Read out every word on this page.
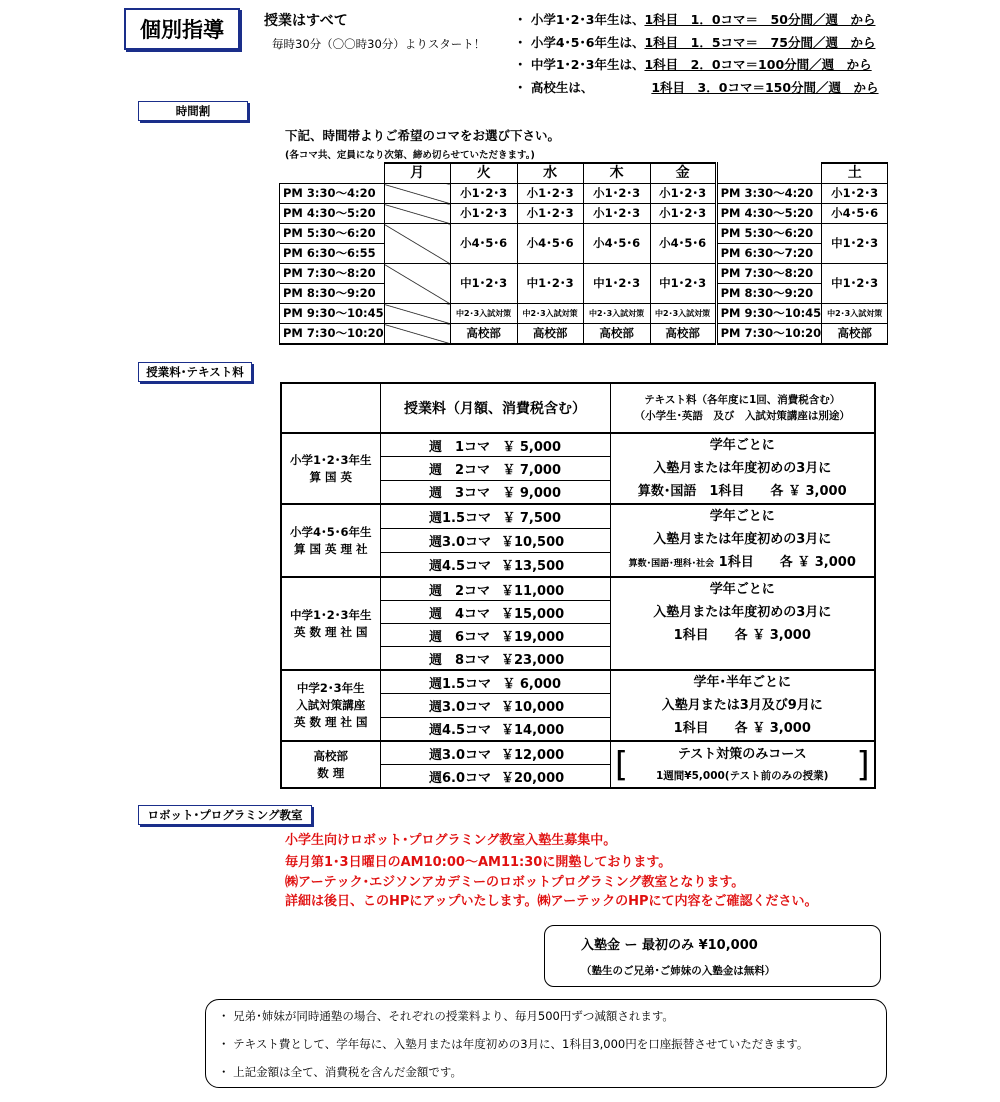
個別指導	授業はすべて
毎時30分（〇〇時30分）よりスタート！
・ 小学1･2･3年生は、1科目　1．0コマ＝　50分間／週　から
・ 小学4･5･6年生は、1科目　1．5コマ＝　75分間／週　から
・ 中学1･2･3年生は、1科目　2．0コマ＝100分間／週　から
・ 高校生は、	1科目　3．0コマ＝150分間／週　から
時間割
下記、時間帯よりご希望のコマをお選び下さい。
(各コマ共、定員になり次第、締め切らせていただきます。)
	月	火	水	木	金		土
PM 3:30～4:20		小1･2･3	小1･2･3	小1･2･3	小1･2･3	PM 3:30～4:20	小1･2･3
PM 4:30～5:20		小1･2･3	小1･2･3	小1･2･3	小1･2･3	PM 4:30～5:20	小4･5･6
PM 5:30～6:20		小4･5･6	小4･5･6	小4･5･6	小4･5･6	PM 5:30～6:20	中1･2･3
PM 6:30～6:55						PM 6:30～7:20	
PM 7:30～8:20		中1･2･3	中1･2･3	中1･2･3	中1･2･3	PM 7:30～8:20	中1･2･3
PM 8:30～9:20						PM 8:30～9:20	
PM 9:30～10:45		中2･3入試対策	中2･3入試対策	中2･3入試対策	中2･3入試対策	PM 9:30～10:45	中2･3入試対策
PM 7:30～10:20		高校部	高校部	高校部	高校部	PM 7:30～10:20	高校部
授業料･テキスト料
	授業料（月額、消費税含む）	
テキスト料（各年度に1回、消費税含む）
（小学生･英語　及び　入試対策講座は別途）

小学1･2･3年生
算 国 英
	週　1コマ ￥ 5,000	学年ごとに
入塾月または年度初めの3月に
算数･国語　1科目　　各 ￥ 3,000

週　2コマ ￥ 7,000
週　3コマ ￥ 9,000

小学4･5･6年生
算 国 英 理 社
	週1.5コマ ￥ 7,500	学年ごとに
入塾月または年度初めの3月に
算数･国語･理科･社会 1科目　　各 ￥ 3,000

週3.0コマ ￥10,500
週4.5コマ ￥13,500

中学1･2･3年生
英 数 理 社 国
	週　2コマ ￥11,000	学年ごとに
入塾月または年度初めの3月に
1科目　　各 ￥ 3,000

週　4コマ ￥15,000
週　6コマ ￥19,000
週　8コマ ￥23,000

中学2･3年生
入試対策講座
英 数 理 社 国
	週1.5コマ ￥ 6,000	学年･半年ごとに
入塾月または3月及び9月に
1科目　　各 ￥ 3,000

週3.0コマ ￥10,000
週4.5コマ ￥14,000

高校部
数 理
	週3.0コマ ￥12,000	[	テスト対策のみコース
1週間¥5,000(テスト前のみの授業)	]

週6.0コマ ￥20,000
ロボット･プログラミング教室
小学生向けロボット･プログラミング教室入塾生募集中。
毎月第1･3日曜日のAM10:00～AM11:30に開塾しております。
㈱アーテック･エジソンアカデミーのロボットプログラミング教室となります。
詳細は後日、このHPにアップいたします。㈱アーテックのHPにて内容をご確認ください。
入塾金 ー 最初のみ ¥10,000
（塾生のご兄弟･ご姉妹の入塾金は無料）

・ 兄弟･姉妹が同時通塾の場合、それぞれの授業料より、毎月500円ずつ減額されます。

・ テキスト費として、学年毎に、入塾月または年度初めの3月に、1科目3,000円を口座振替させていただきます。

・ 上記金額は全て、消費税を含んだ金額です。
